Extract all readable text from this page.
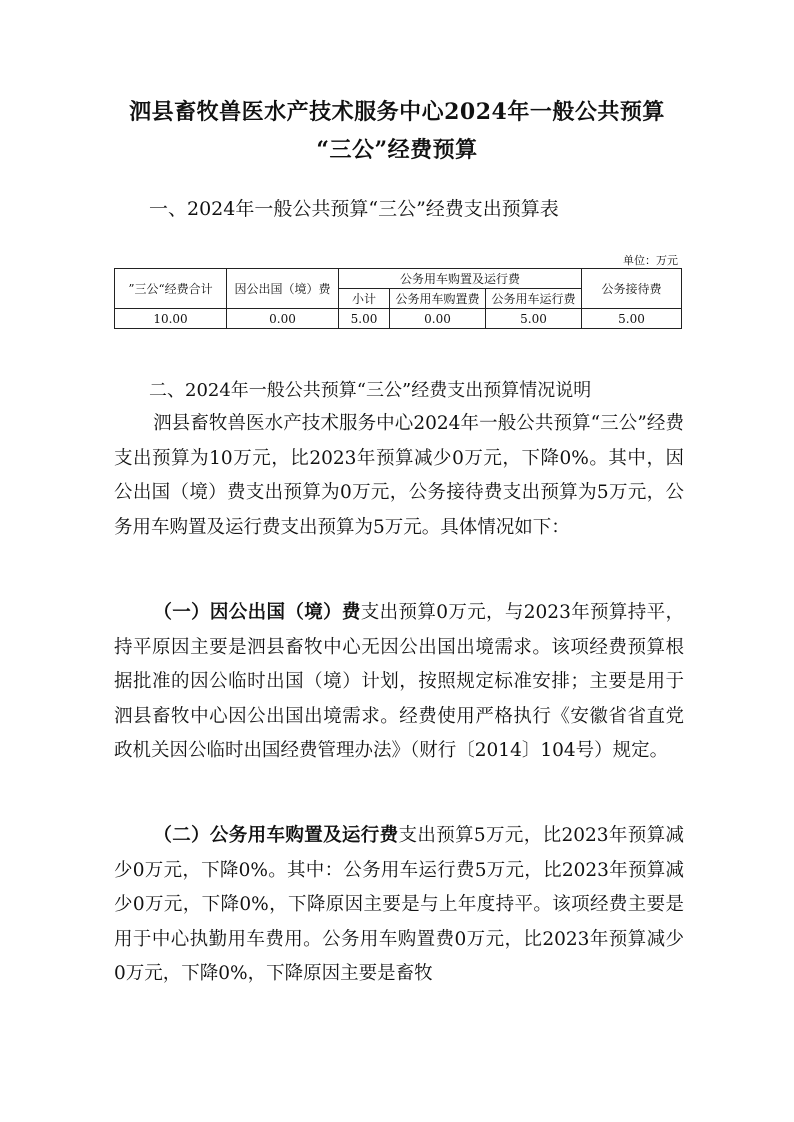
泗县畜牧兽医水产技术服务中心2024年一般公共预算
“三公”经费预算
一、2024年一般公共预算“三公”经费支出预算表
单位：万元
”三公“经费合计	因公出国（境）费	公务用车购置及运行费			公务接待费
		小计	公务用车购置费	公务用车运行费	
10.00	0.00	5.00	0.00	5.00	5.00
二、2024年一般公共预算“三公”经费支出预算情况说明
泗县畜牧兽医水产技术服务中心2024年一般公共预算“三公”经费支出预算为10万元，比2023年预算减少0万元，下降0%。其中，因公出国（境）费支出预算为0万元，公务接待费支出预算为5万元，公务用车购置及运行费支出预算为5万元。具体情况如下：
（一）因公出国（境）费支出预算0万元，与2023年预算持平，持平原因主要是泗县畜牧中心无因公出国出境需求。该项经费预算根据批准的因公临时出国（境）计划，按照规定标准安排；主要是用于泗县畜牧中心因公出国出境需求。经费使用严格执行《安徽省省直党政机关因公临时出国经费管理办法》（财行〔2014〕104号）规定。
（二）公务用车购置及运行费支出预算5万元，比2023年预算减少0万元，下降0%。其中：公务用车运行费5万元，比2023年预算减少0万元，下降0%，下降原因主要是与上年度持平。该项经费主要是用于中心执勤用车费用。公务用车购置费0万元，比2023年预算减少0万元，下降0%，下降原因主要是畜牧
